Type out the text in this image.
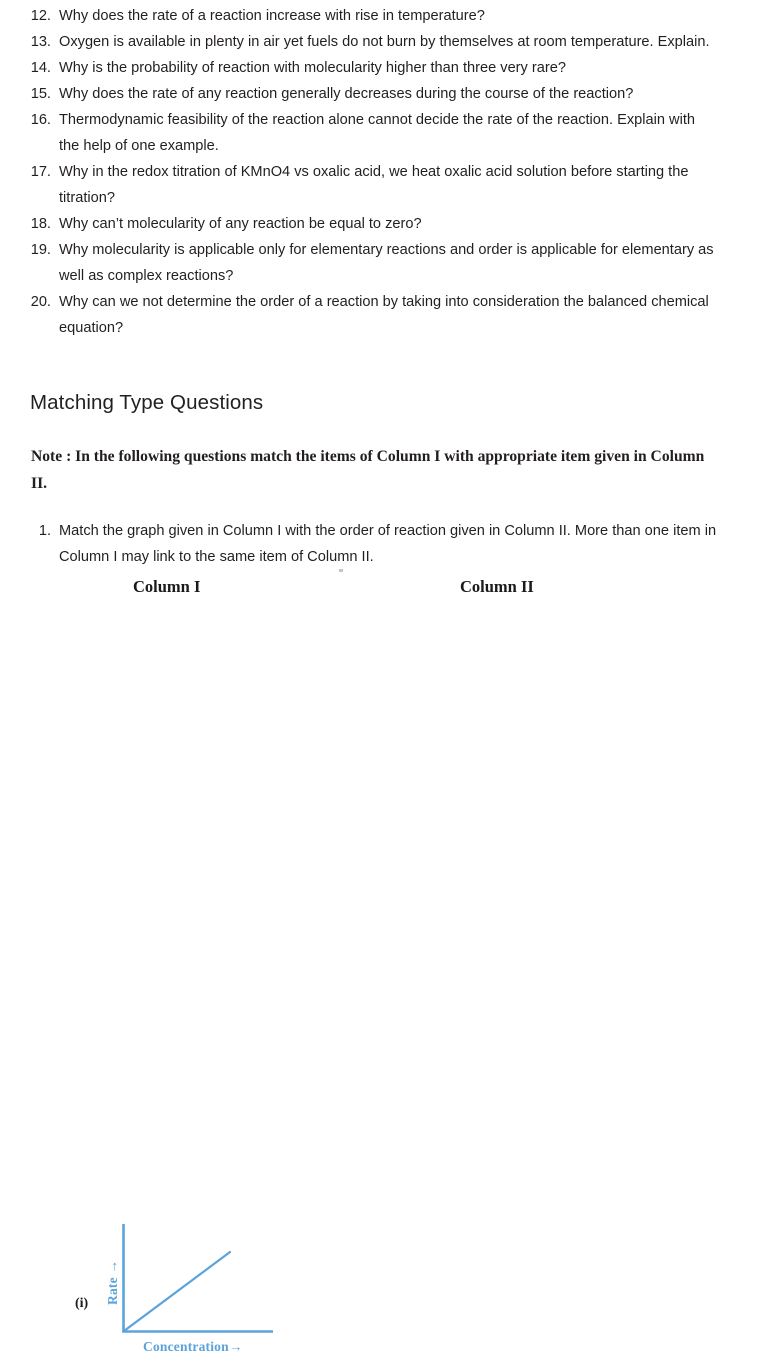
12. Why does the rate of a reaction increase with rise in temperature?
13. Oxygen is available in plenty in air yet fuels do not burn by themselves at room temperature. Explain.
14. Why is the probability of reaction with molecularity higher than three very rare?
15. Why does the rate of any reaction generally decreases during the course of the reaction?
16. Thermodynamic feasibility of the reaction alone cannot decide the rate of the reaction. Explain with the help of one example.
17. Why in the redox titration of KMnO4 vs oxalic acid, we heat oxalic acid solution before starting the titration?
18. Why can’t molecularity of any reaction be equal to zero?
19. Why molecularity is applicable only for elementary reactions and order is applicable for elementary as well as complex reactions?
20. Why can we not determine the order of a reaction by taking into consideration the balanced chemical equation?
Matching Type Questions
Note : In the following questions match the items of Column I with appropriate item given in Column II.
1. Match the graph given in Column I with the order of reaction given in Column II. More than one item in Column I may link to the same item of Column II.
Column I	Column II
(i) Rate →
Concentration→
